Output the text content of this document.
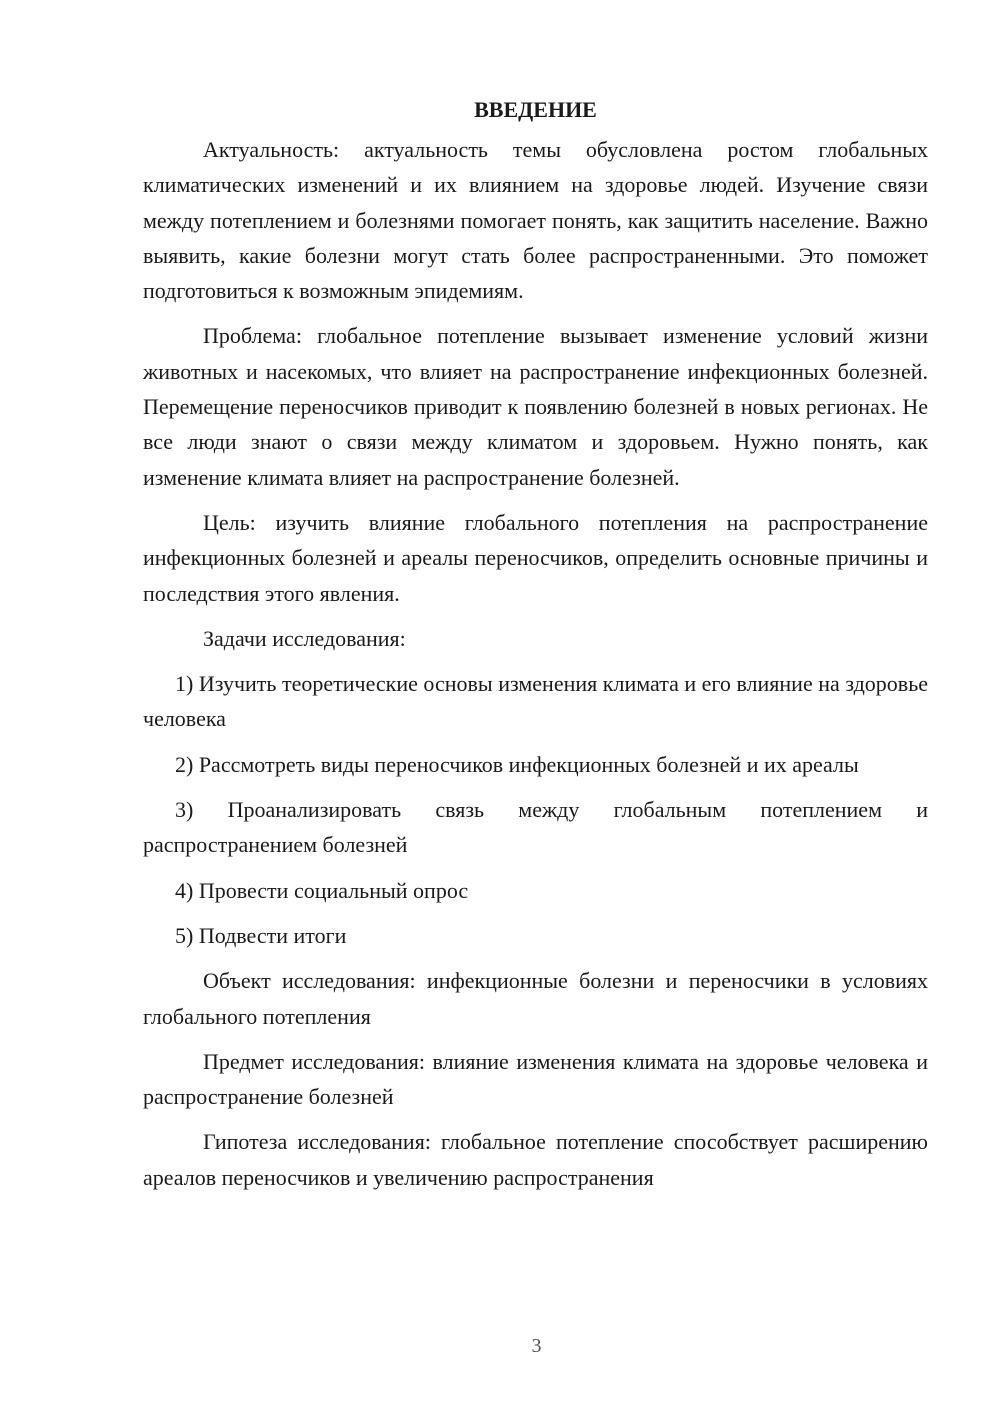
ВВЕДЕНИЕ

Актуальность: актуальность темы обусловлена ростом глобальных климатических изменений и их влиянием на здоровье людей. Изучение связи между потеплением и болезнями помогает понять, как защитить население. Важно выявить, какие болезни могут стать более распространенными. Это поможет подготовиться к возможным эпидемиям.

Проблема: глобальное потепление вызывает изменение условий жизни животных и насекомых, что влияет на распространение инфекционных болезней. Перемещение переносчиков приводит к появлению болезней в новых регионах. Не все люди знают о связи между климатом и здоровьем. Нужно понять, как изменение климата влияет на распространение болезней.

Цель: изучить влияние глобального потепления на распространение инфекционных болезней и ареалы переносчиков, определить основные причины и последствия этого явления.

Задачи исследования:

1) Изучить теоретические основы изменения климата и его влияние на здоровье человека

2) Рассмотреть виды переносчиков инфекционных болезней и их ареалы

3) Проанализировать связь между глобальным потеплением и распространением болезней

4) Провести социальный опрос

5) Подвести итоги

Объект исследования: инфекционные болезни и переносчики в условиях глобального потепления

Предмет исследования: влияние изменения климата на здоровье человека и распространение болезней

Гипотеза исследования: глобальное потепление способствует расширению ареалов переносчиков и увеличению распространения

3
